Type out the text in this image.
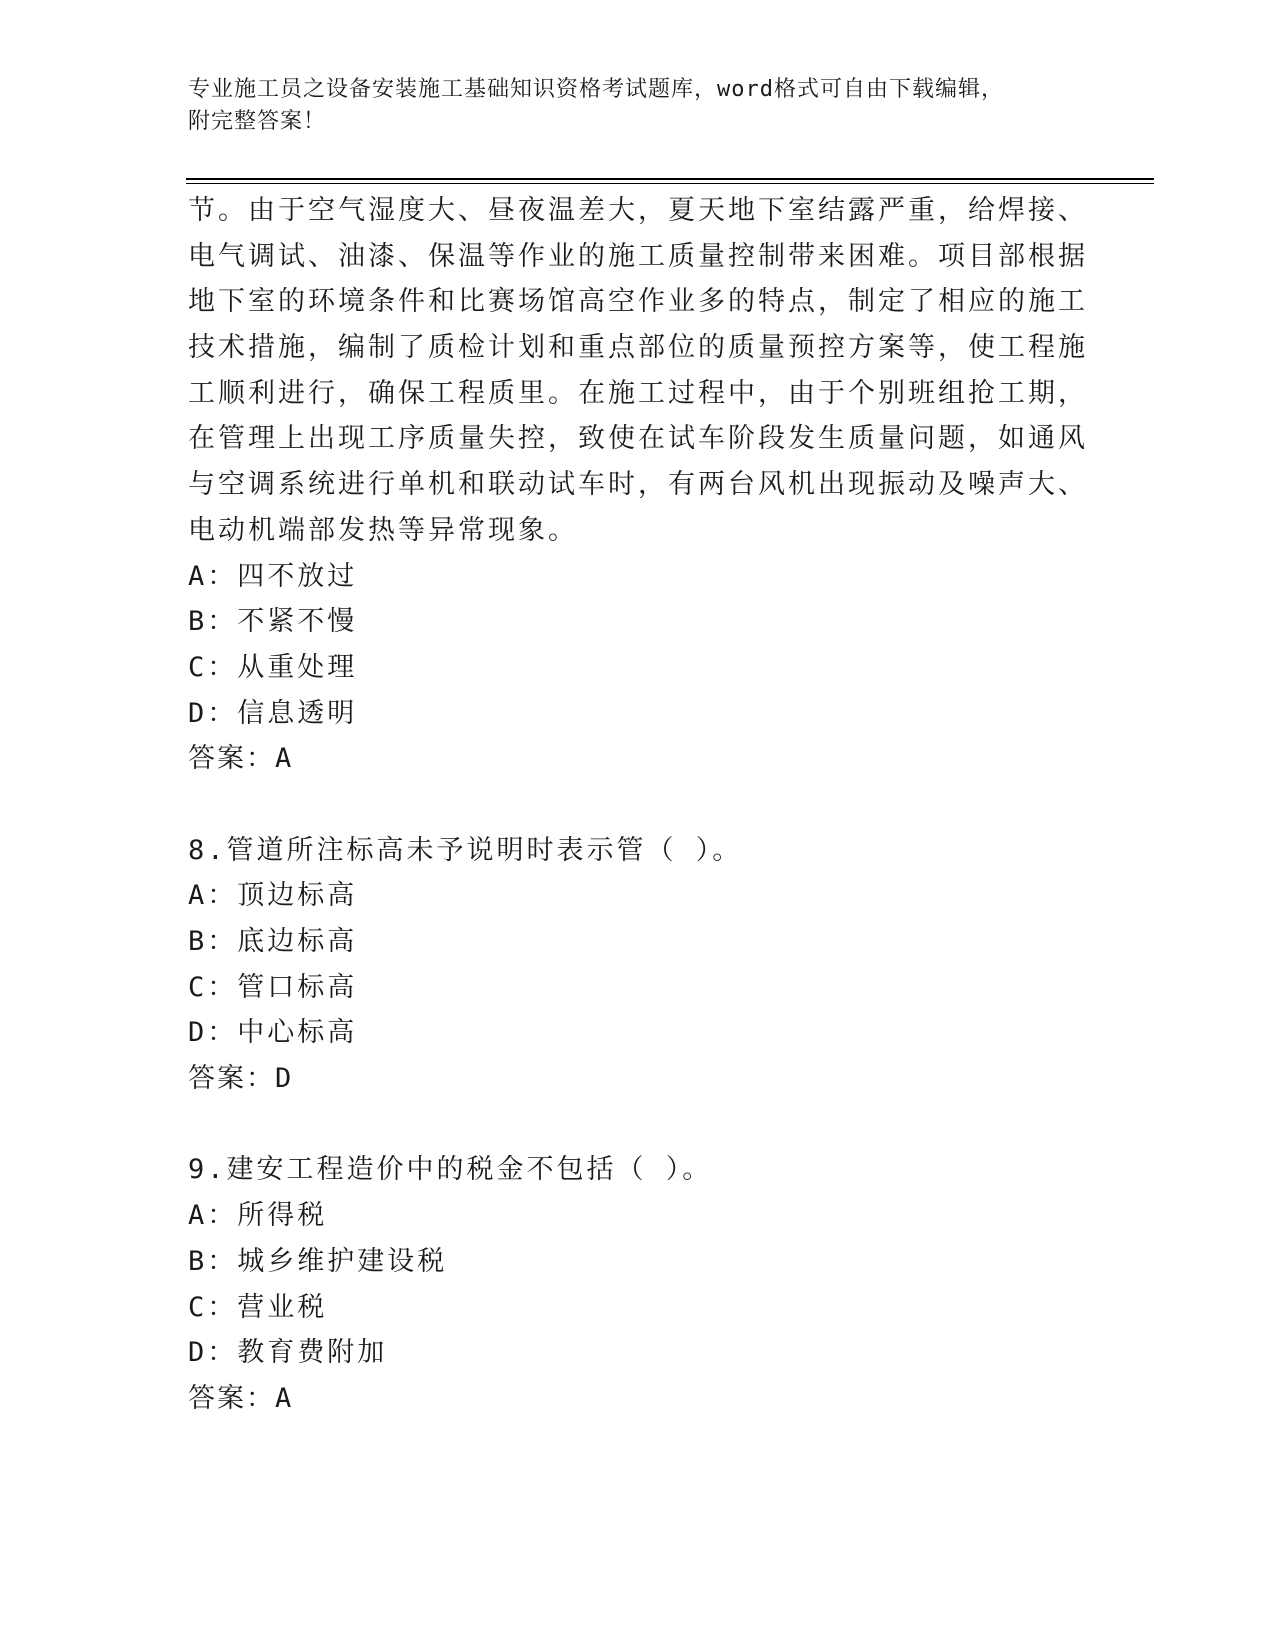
专业施工员之设备安装施工基础知识资格考试题库，word格式可自由下载编辑，
附完整答案！
节。由于空气湿度大、昼夜温差大，夏天地下室结露严重，给焊接、
电气调试、油漆、保温等作业的施工质量控制带来困难。项目部根据
地下室的环境条件和比赛场馆高空作业多的特点，制定了相应的施工
技术措施，编制了质检计划和重点部位的质量预控方案等，使工程施
工顺利进行，确保工程质里。在施工过程中，由于个别班组抢工期，
在管理上出现工序质量失控，致使在试车阶段发生质量问题，如通风
与空调系统进行单机和联动试车时，有两台风机出现振动及噪声大、
电动机端部发热等异常现象。
A：四不放过
B：不紧不慢
C：从重处理
D：信息透明
答案：A
8.管道所注标高未予说明时表示管（ ）。
A：顶边标高
B：底边标高
C：管口标高
D：中心标高
答案：D
9.建安工程造价中的税金不包括（ ）。
A：所得税
B：城乡维护建设税
C：营业税
D：教育费附加
答案：A
